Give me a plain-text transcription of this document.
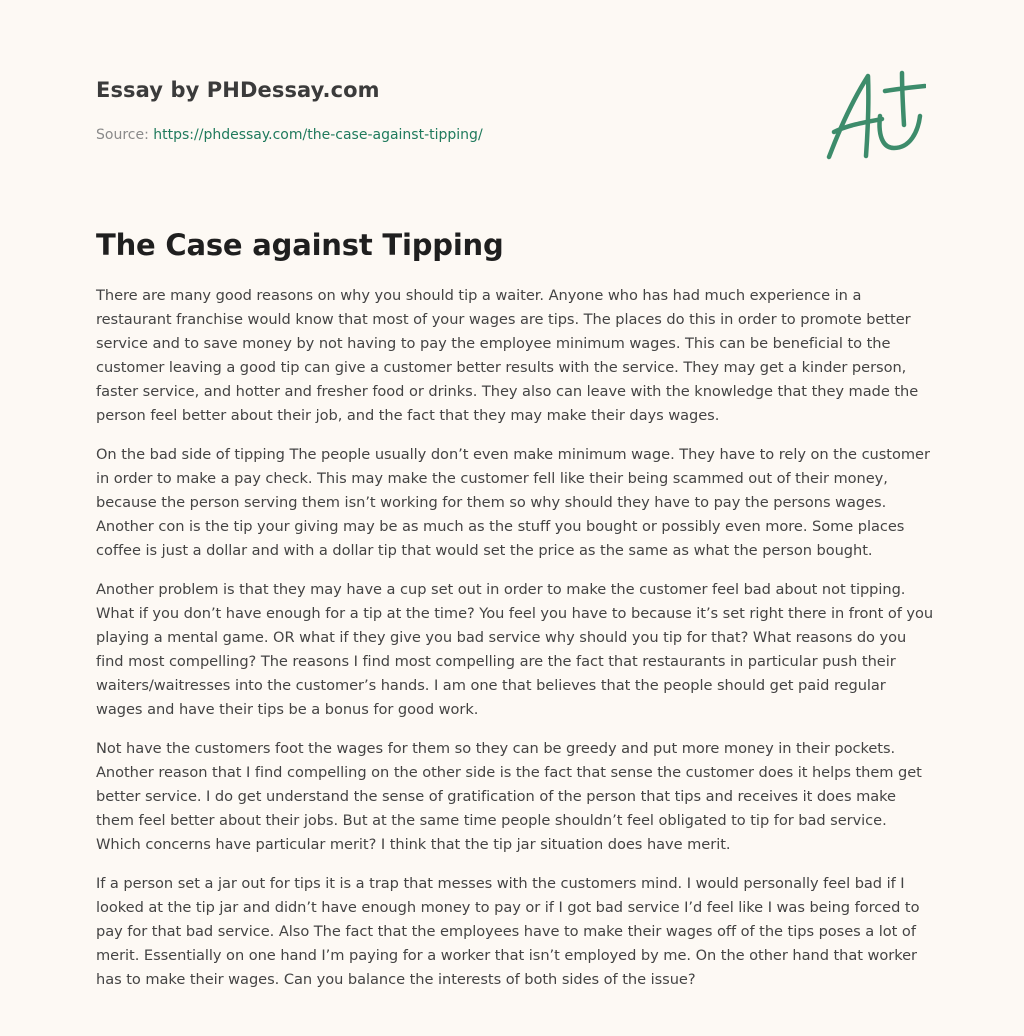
Essay by PHDessay.com
Source: https://phdessay.com/the-case-against-tipping/
The Case against Tipping

There are many good reasons on why you should tip a waiter. Anyone who has had much experience in a restaurant franchise would know that most of your wages are tips. The places do this in order to promote better service and to save money by not having to pay the employee minimum wages. This can be beneficial to the customer leaving a good tip can give a customer better results with the service. They may get a kinder person, faster service, and hotter and fresher food or drinks. They also can leave with the knowledge that they made the person feel better about their job, and the fact that they may make their days wages.

On the bad side of tipping The people usually don’t even make minimum wage. They have to rely on the customer in order to make a pay check. This may make the customer fell like their being scammed out of their money, because the person serving them isn’t working for them so why should they have to pay the persons wages. Another con is the tip your giving may be as much as the stuff you bought or possibly even more. Some places coffee is just a dollar and with a dollar tip that would set the price as the same as what the person bought.

Another problem is that they may have a cup set out in order to make the customer feel bad about not tipping. What if you don’t have enough for a tip at the time? You feel you have to because it’s set right there in front of you playing a mental game. OR what if they give you bad service why should you tip for that? What reasons do you find most compelling? The reasons I find most compelling are the fact that restaurants in particular push their waiters/waitresses into the customer’s hands. I am one that believes that the people should get paid regular wages and have their tips be a bonus for good work.

Not have the customers foot the wages for them so they can be greedy and put more money in their pockets. Another reason that I find compelling on the other side is the fact that sense the customer does it helps them get better service. I do get understand the sense of gratification of the person that tips and receives it does make them feel better about their jobs. But at the same time people shouldn’t feel obligated to tip for bad service. Which concerns have particular merit? I think that the tip jar situation does have merit.

If a person set a jar out for tips it is a trap that messes with the customers mind. I would personally feel bad if I looked at the tip jar and didn’t have enough money to pay or if I got bad service I’d feel like I was being forced to pay for that bad service. Also The fact that the employees have to make their wages off of the tips poses a lot of merit. Essentially on one hand I’m paying for a worker that isn’t employed by me. On the other hand that worker has to make their wages. Can you balance the interests of both sides of the issue?
